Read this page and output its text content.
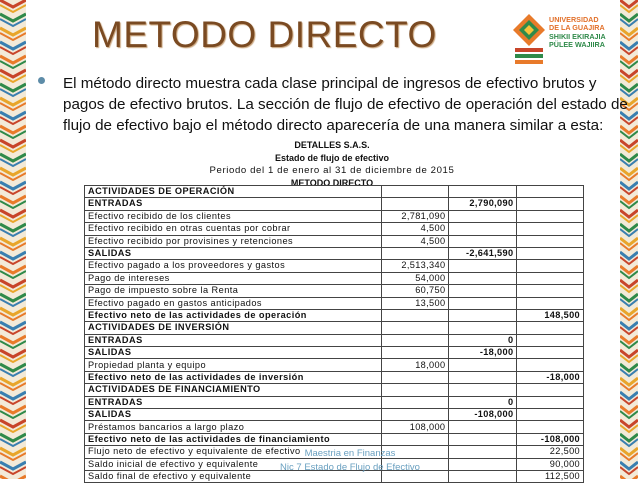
METODO DIRECTO	UNIVERSIDAD
DE LA GUAJIRA
SHIKII EKIRAJIA
PÜLEE WAJIIRA
El método directo muestra cada clase principal de ingresos de efectivo brutos y pagos de efectivo brutos. La sección de flujo de efectivo de operación del estado de flujo de efectivo bajo el método directo aparecería de una manera similar a esta:
DETALLES S.A.S.
Estado de flujo de efectivo
Periodo del 1 de enero al 31 de diciembre de 2015
METODO DIRECTO
ACTIVIDADES DE OPERACIÓN			
ENTRADAS		2,790,090	
Efectivo recibido de los clientes	2,781,090		
Efectivo recibido en otras cuentas por cobrar	4,500		
Efectivo recibido por provisines y retenciones	4,500		
SALIDAS		-2,641,590	
Efectivo pagado a los proveedores y gastos	2,513,340		
Pago de intereses	54,000		
Pago de impuesto sobre la Renta	60,750		
Efectivo pagado en gastos anticipados	13,500		
Efectivo neto de las actividades de operación			148,500
ACTIVIDADES DE INVERSIÓN			
ENTRADAS		0	
SALIDAS		-18,000	
Propiedad planta y equipo	18,000		
Efectivo neto de las actividades de inversión			-18,000
ACTIVIDADES DE FINANCIAMIENTO			
ENTRADAS		0	
SALIDAS		-108,000	
Préstamos bancarios a largo plazo	108,000		
Efectivo neto de las actividades de financiamiento			-108,000
Flujo neto de efectivo y equivalente de efectivo			22,500
Saldo inicial de efectivo y equivalente			90,000
Saldo final de efectivo y equivalente			112,500
Maestria en Finanzas
Nic 7 Estado de Flujo de Efectivo
